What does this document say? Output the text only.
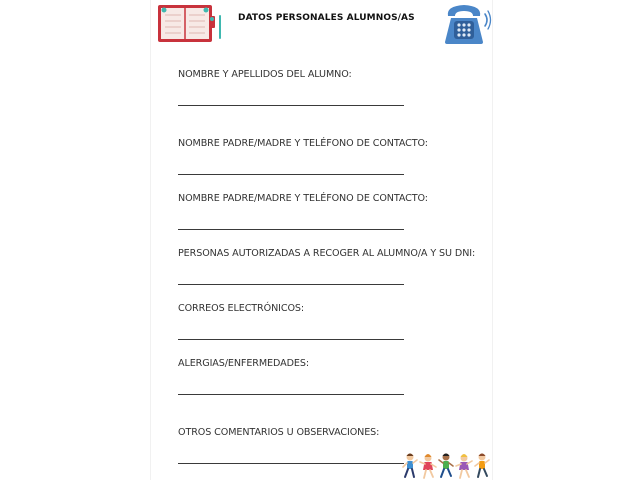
DATOS PERSONALES ALUMNOS/AS
NOMBRE Y APELLIDOS DEL ALUMNO:
NOMBRE PADRE/MADRE Y TELÉFONO DE CONTACTO:
NOMBRE PADRE/MADRE Y TELÉFONO DE CONTACTO:
PERSONAS AUTORIZADAS A RECOGER AL ALUMNO/A Y SU DNI:
CORREOS ELECTRÓNICOS:
ALERGIAS/ENFERMEDADES:
OTROS COMENTARIOS U OBSERVACIONES:
